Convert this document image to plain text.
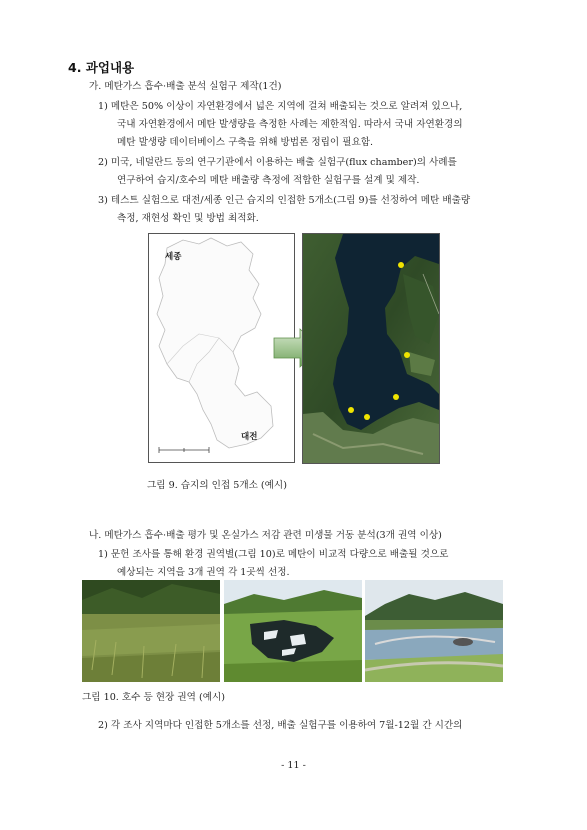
4. 과업내용
가. 메탄가스 흡수·배출 분석 실험구 제작(1건)
1) 메탄은 50% 이상이 자연환경에서 넓은 지역에 걸쳐 배출되는 것으로 알려져 있으나,
국내 자연환경에서 메탄 발생량을 측정한 사례는 제한적임. 따라서 국내 자연환경의
메탄 발생량 데이터베이스 구축을 위해 방법론 정립이 필요함.
2) 미국, 네덜란드 등의 연구기관에서 이용하는 배출 실험구(flux chamber)의 사례를
연구하여 습지/호수의 메탄 배출량 측정에 적합한 실험구를 설계 및 제작.
3) 테스트 실험으로 대전/세종 인근 습지의 인접한 5개소(그림 9)를 선정하여 메탄 배출량
측정, 재현성 확인 및 방법 최적화.
세종
대전
그림 9. 습지의 인접 5개소 (예시)
나. 메탄가스 흡수·배출 평가 및 온실가스 저감 관련 미생물 거동 분석(3개 권역 이상)
1) 문헌 조사를 통해 환경 권역별(그림 10)로 메탄이 비교적 다량으로 배출될 것으로
예상되는 지역을 3개 권역 각 1곳씩 선정.
그림 10. 호수 등 현장 권역 (예시)
2) 각 조사 지역마다 인접한 5개소를 선정, 배출 실험구를 이용하여 7월-12월 간 시간의
- 11 -
